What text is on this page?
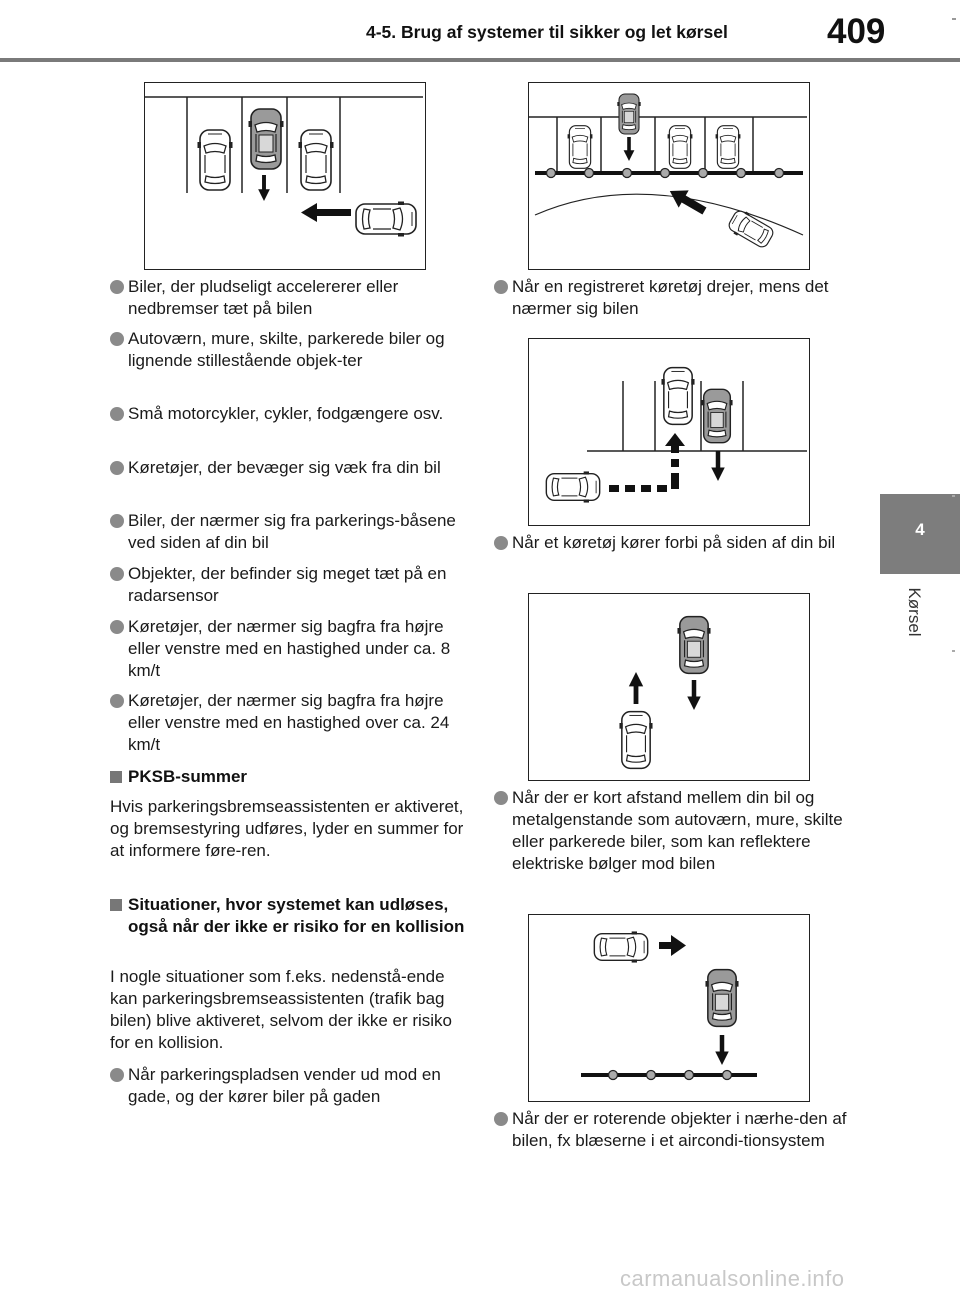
4-5. Brug af systemer til sikker og let kørsel	409
4
Kørsel
Biler, der pludseligt accelererer eller nedbremser tæt på bilen
Autoværn, mure, skilte, parkerede biler og lignende stillestående objek-ter
Små motorcykler, cykler, fodgængere osv.
Køretøjer, der bevæger sig væk fra din bil
Biler, der nærmer sig fra parkerings-båsene ved siden af din bil
Objekter, der befinder sig meget tæt på en radarsensor
Køretøjer, der nærmer sig bagfra fra højre eller venstre med en hastighed under ca. 8 km/t
Køretøjer, der nærmer sig bagfra fra højre eller venstre med en hastighed over ca. 24 km/t
PKSB-summer
Hvis parkeringsbremseassistenten er aktiveret, og bremsestyring udføres, lyder en summer for at informere føre-ren.
Situationer, hvor systemet kan udløses, også når der ikke er risiko for en kollision
I nogle situationer som f.eks. nedenstå-ende kan parkeringsbremseassistenten (trafik bag bilen) blive aktiveret, selvom der ikke er risiko for en kollision.
Når parkeringspladsen vender ud mod en gade, og der kører biler på gaden
Når en registreret køretøj drejer, mens det nærmer sig bilen
Når et køretøj kører forbi på siden af din bil
Når der er kort afstand mellem din bil og metalgenstande som autoværn, mure, skilte eller parkerede biler, som kan reflektere elektriske bølger mod bilen
Når der er roterende objekter i nærhe-den af bilen, fx blæserne i et aircondi-tionsystem
carmanualsonline.info
